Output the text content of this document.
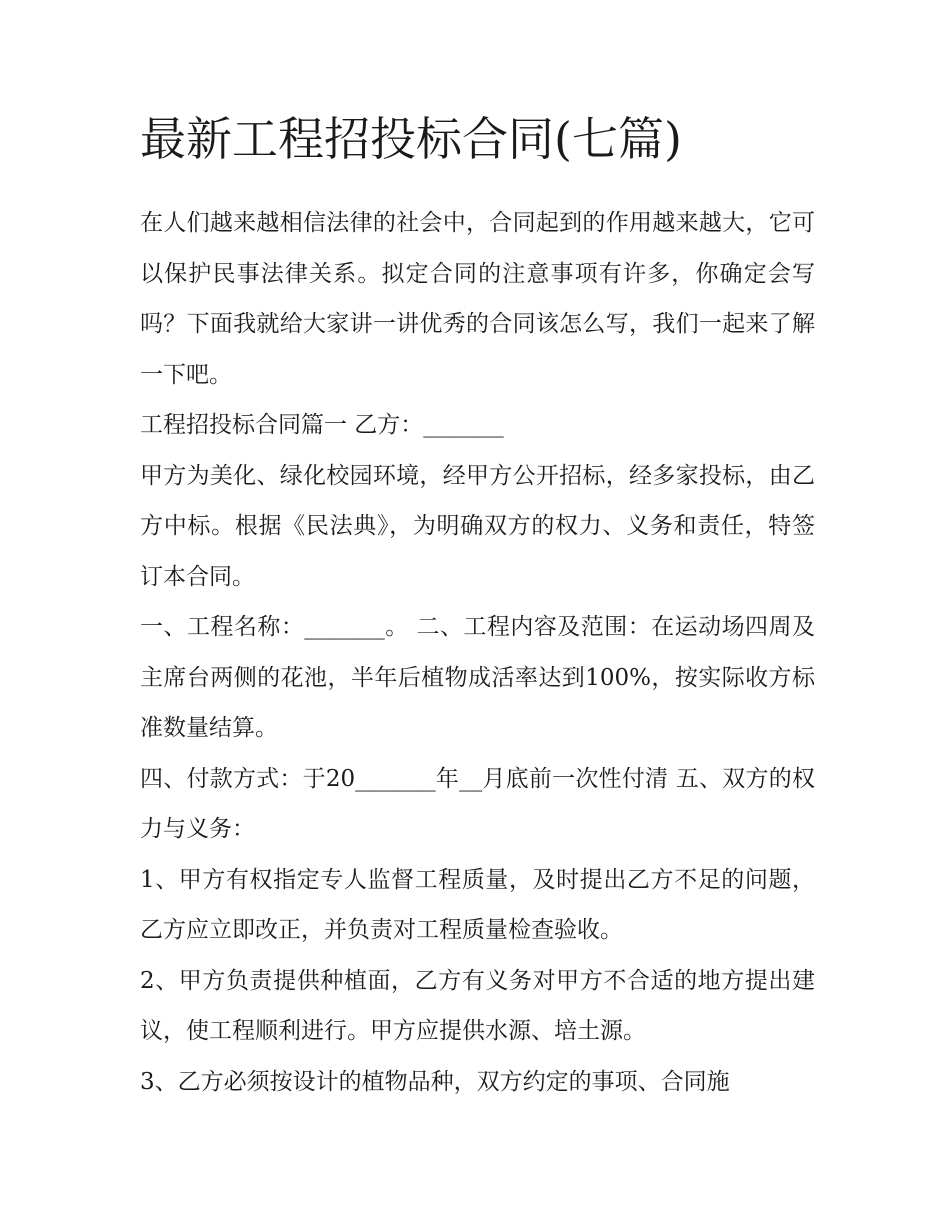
最新工程招投标合同(七篇)

在人们越来越相信法律的社会中，合同起到的作用越来越大，它可以保护民事法律关系。拟定合同的注意事项有许多，你确定会写吗？下面我就给大家讲一讲优秀的合同该怎么写，我们一起来了解一下吧。

工程招投标合同篇一 乙方：_______

甲方为美化、绿化校园环境，经甲方公开招标，经多家投标，由乙方中标。根据《民法典》，为明确双方的权力、义务和责任，特签订本合同。

一、工程名称：_______。 二、工程内容及范围：在运动场四周及主席台两侧的花池，半年后植物成活率达到100%，按实际收方标准数量结算。

四、付款方式：于20_______年__月底前一次性付清 五、双方的权力与义务：

1、甲方有权指定专人监督工程质量，及时提出乙方不足的问题，乙方应立即改正，并负责对工程质量检查验收。

2、甲方负责提供种植面，乙方有义务对甲方不合适的地方提出建议，使工程顺利进行。甲方应提供水源、培土源。

3、乙方必须按设计的植物品种，双方约定的事项、合同施
